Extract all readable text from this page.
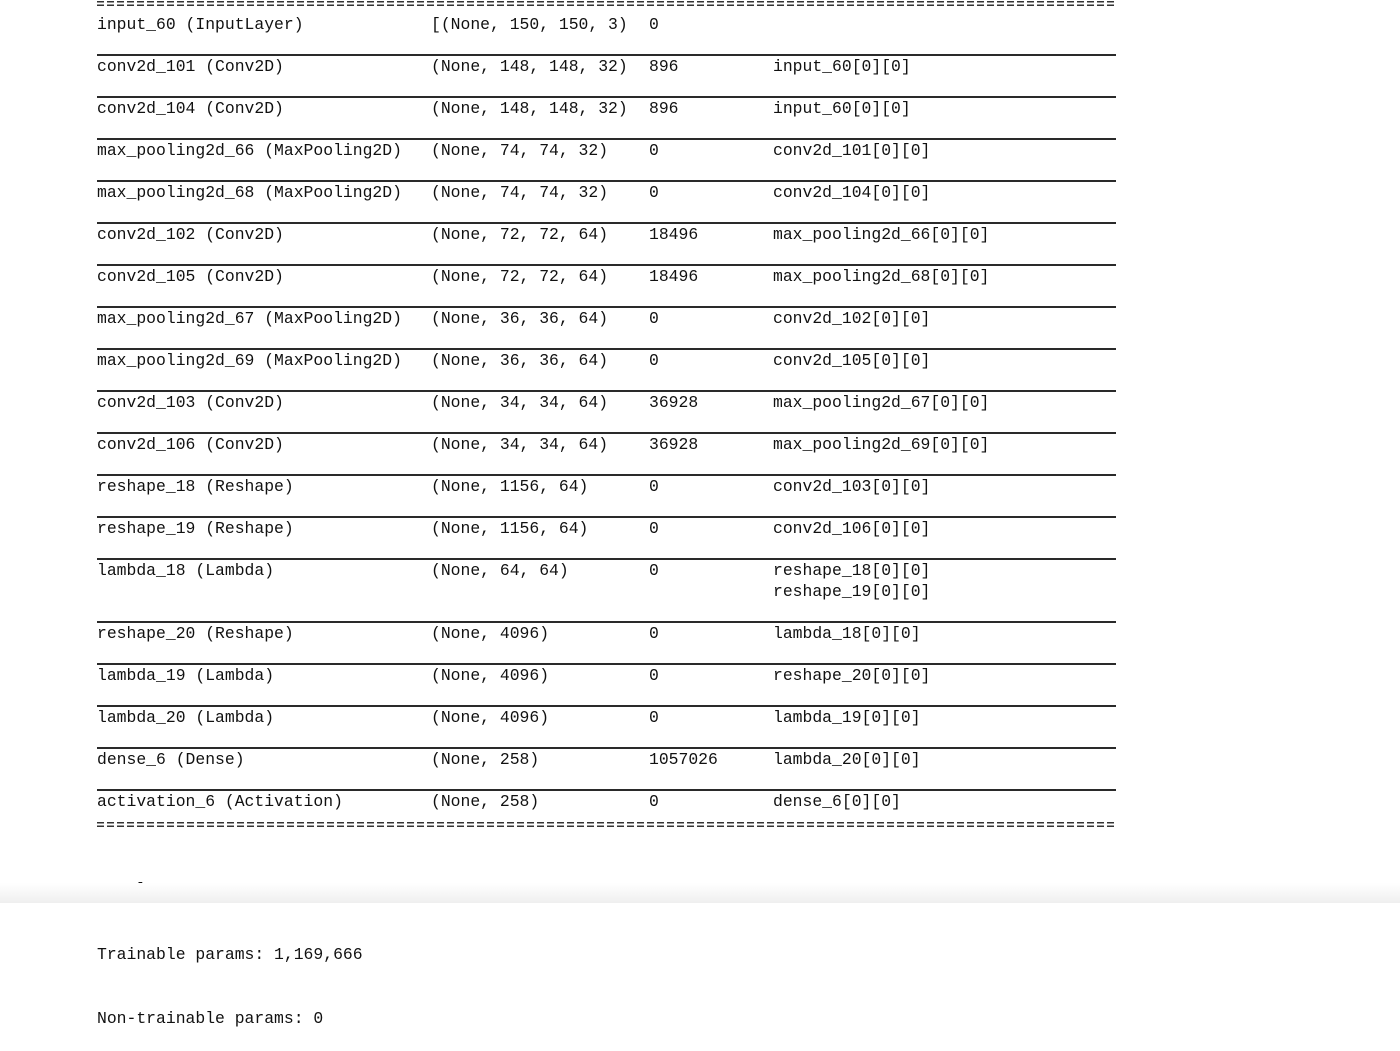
input_60 (InputLayer)	[(None, 150, 150, 3) 0
conv2d_101 (Conv2D)	(None, 148, 148, 32) 896	input_60[0][0]
conv2d_104 (Conv2D)	(None, 148, 148, 32) 896	input_60[0][0]
max_pooling2d_66 (MaxPooling2D) (None, 74, 74, 32) 0	conv2d_101[0][0]
max_pooling2d_68 (MaxPooling2D) (None, 74, 74, 32) 0	conv2d_104[0][0]
conv2d_102 (Conv2D)	(None, 72, 72, 64) 18496	max_pooling2d_66[0][0]
conv2d_105 (Conv2D)	(None, 72, 72, 64) 18496	max_pooling2d_68[0][0]
max_pooling2d_67 (MaxPooling2D) (None, 36, 36, 64) 0	conv2d_102[0][0]
max_pooling2d_69 (MaxPooling2D) (None, 36, 36, 64) 0	conv2d_105[0][0]
conv2d_103 (Conv2D)	(None, 34, 34, 64) 36928	max_pooling2d_67[0][0]
conv2d_106 (Conv2D)	(None, 34, 34, 64) 36928	max_pooling2d_69[0][0]
reshape_18 (Reshape)	(None, 1156, 64)	0	conv2d_103[0][0]
reshape_19 (Reshape)	(None, 1156, 64)	0	conv2d_106[0][0]
lambda_18 (Lambda)	(None, 64, 64)	0	reshape_18[0][0]
reshape_19[0][0]
reshape_20 (Reshape)	(None, 4096)	0	lambda_18[0][0]
lambda_19 (Lambda)	(None, 4096)	0	reshape_20[0][0]
lambda_20 (Lambda)	(None, 4096)	0	lambda_19[0][0]
dense_6 (Dense)	(None, 258)	1057026	lambda_20[0][0]
activation_6 (Activation)	(None, 258)	0	dense_6[0][0]

Trainable params: 1,169,666

Non-trainable params: 0
